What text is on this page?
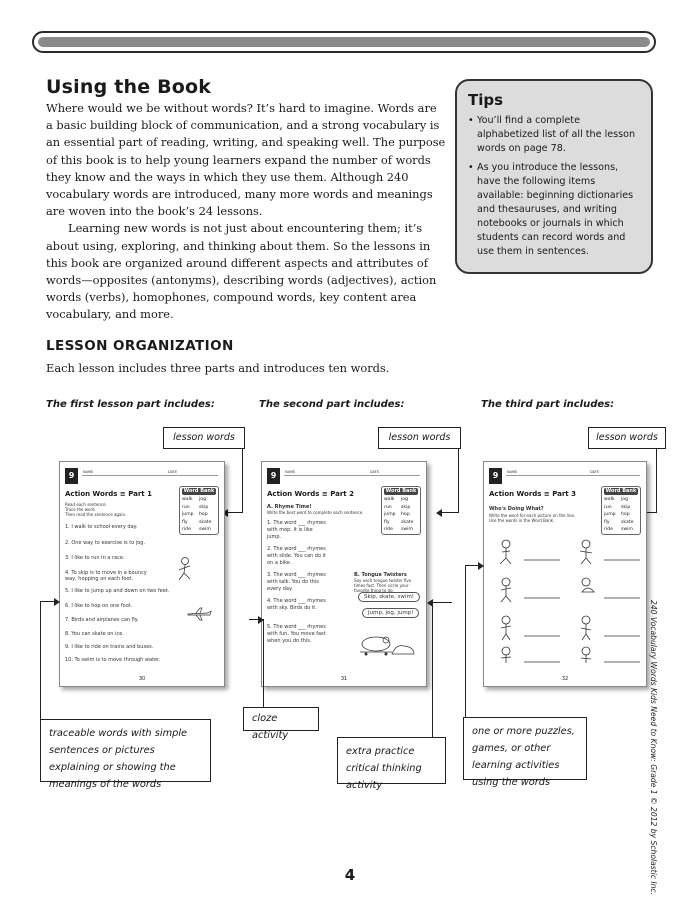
Using the Book

Where would we be without words? It’s hard to imagine. Words are a basic building block of communication, and a strong vocabulary is an essential part of reading, writing, and speaking well. The purpose of this book is to help young learners expand the number of words they know and the ways in which they use them. Although 240 vocabulary words are introduced, many more words and meanings are woven into the book’s 24 lessons.

Learning new words is not just about encountering them; it’s about using, exploring, and thinking about them. So the lessons in this book are organized around different aspects and attributes of words—opposites (antonyms), describing words (adjectives), action words (verbs), homophones, compound words, key content area vocabulary, and more.

Tips
• You’ll find a complete alphabetized list of all the lesson words on page 78.
• As you introduce the lessons, have the following items available: beginning dictionaries and thesauruses, and writing notebooks or journals in which students can record words and use them in sentences.
LESSON ORGANIZATION

Each lesson includes three parts and introduces ten words.

The first lesson part includes:	The second part includes:	The third part includes:
lesson words	lesson words	lesson words
9	NAME	DATE
Action Words ≡ Part 1	Word Bank
walk	jog
run	skip
jump	hop
fly	skate
ride	swim
Read each sentence.
Trace the word.
Then read the sentence again.
1. I walk to school every day.
2. One way to exercise is to jog.
3. I like to run in a race.
4. To skip is to move in a bouncy way, hopping on each foot.
5. I like to jump up and down on two feet.
6. I like to hop on one foot.
7. Birds and airplanes can fly.
8. You can skate on ice.
9. I like to ride on trains and buses.
10. To swim is to move through water.
30
9	NAME	DATE
Action Words ≡ Part 2	Word Bank
walk	jog
run	skip
jump	hop
fly	skate
ride	swim
A. Rhyme Time!
Write the best word to complete each sentence.
1. The word ___ rhymes with mop. It is like jump.
2. The word ___ rhymes with slide. You can do it on a bike.
3. The word ___ rhymes with talk. You do this every day.
4. The word ___ rhymes with sky. Birds do it.
5. The word ___ rhymes with fun. You move fast when you do this.
B. Tongue Twisters
Say each tongue twister five times fast. Then circle your favorite thing to do.
Skip, skate, swim!
Jump, jog, jump!
31
9	NAME	DATE
Action Words ≡ Part 3	Word Bank
walk	jog
run	skip
jump	hop
fly	skate
ride	swim
Who's Doing What?
Write the word for each picture on the line. Use the words in the Word Bank.
32
traceable words with simple sentences or pictures explaining or showing the meanings of the words
cloze activity
extra practice critical thinking activity
one or more puzzles, games, or other learning activities using the words	240 Vocabulary Words Kids Need to Know: Grade 1 © 2012 by Scholastic Inc.
4
